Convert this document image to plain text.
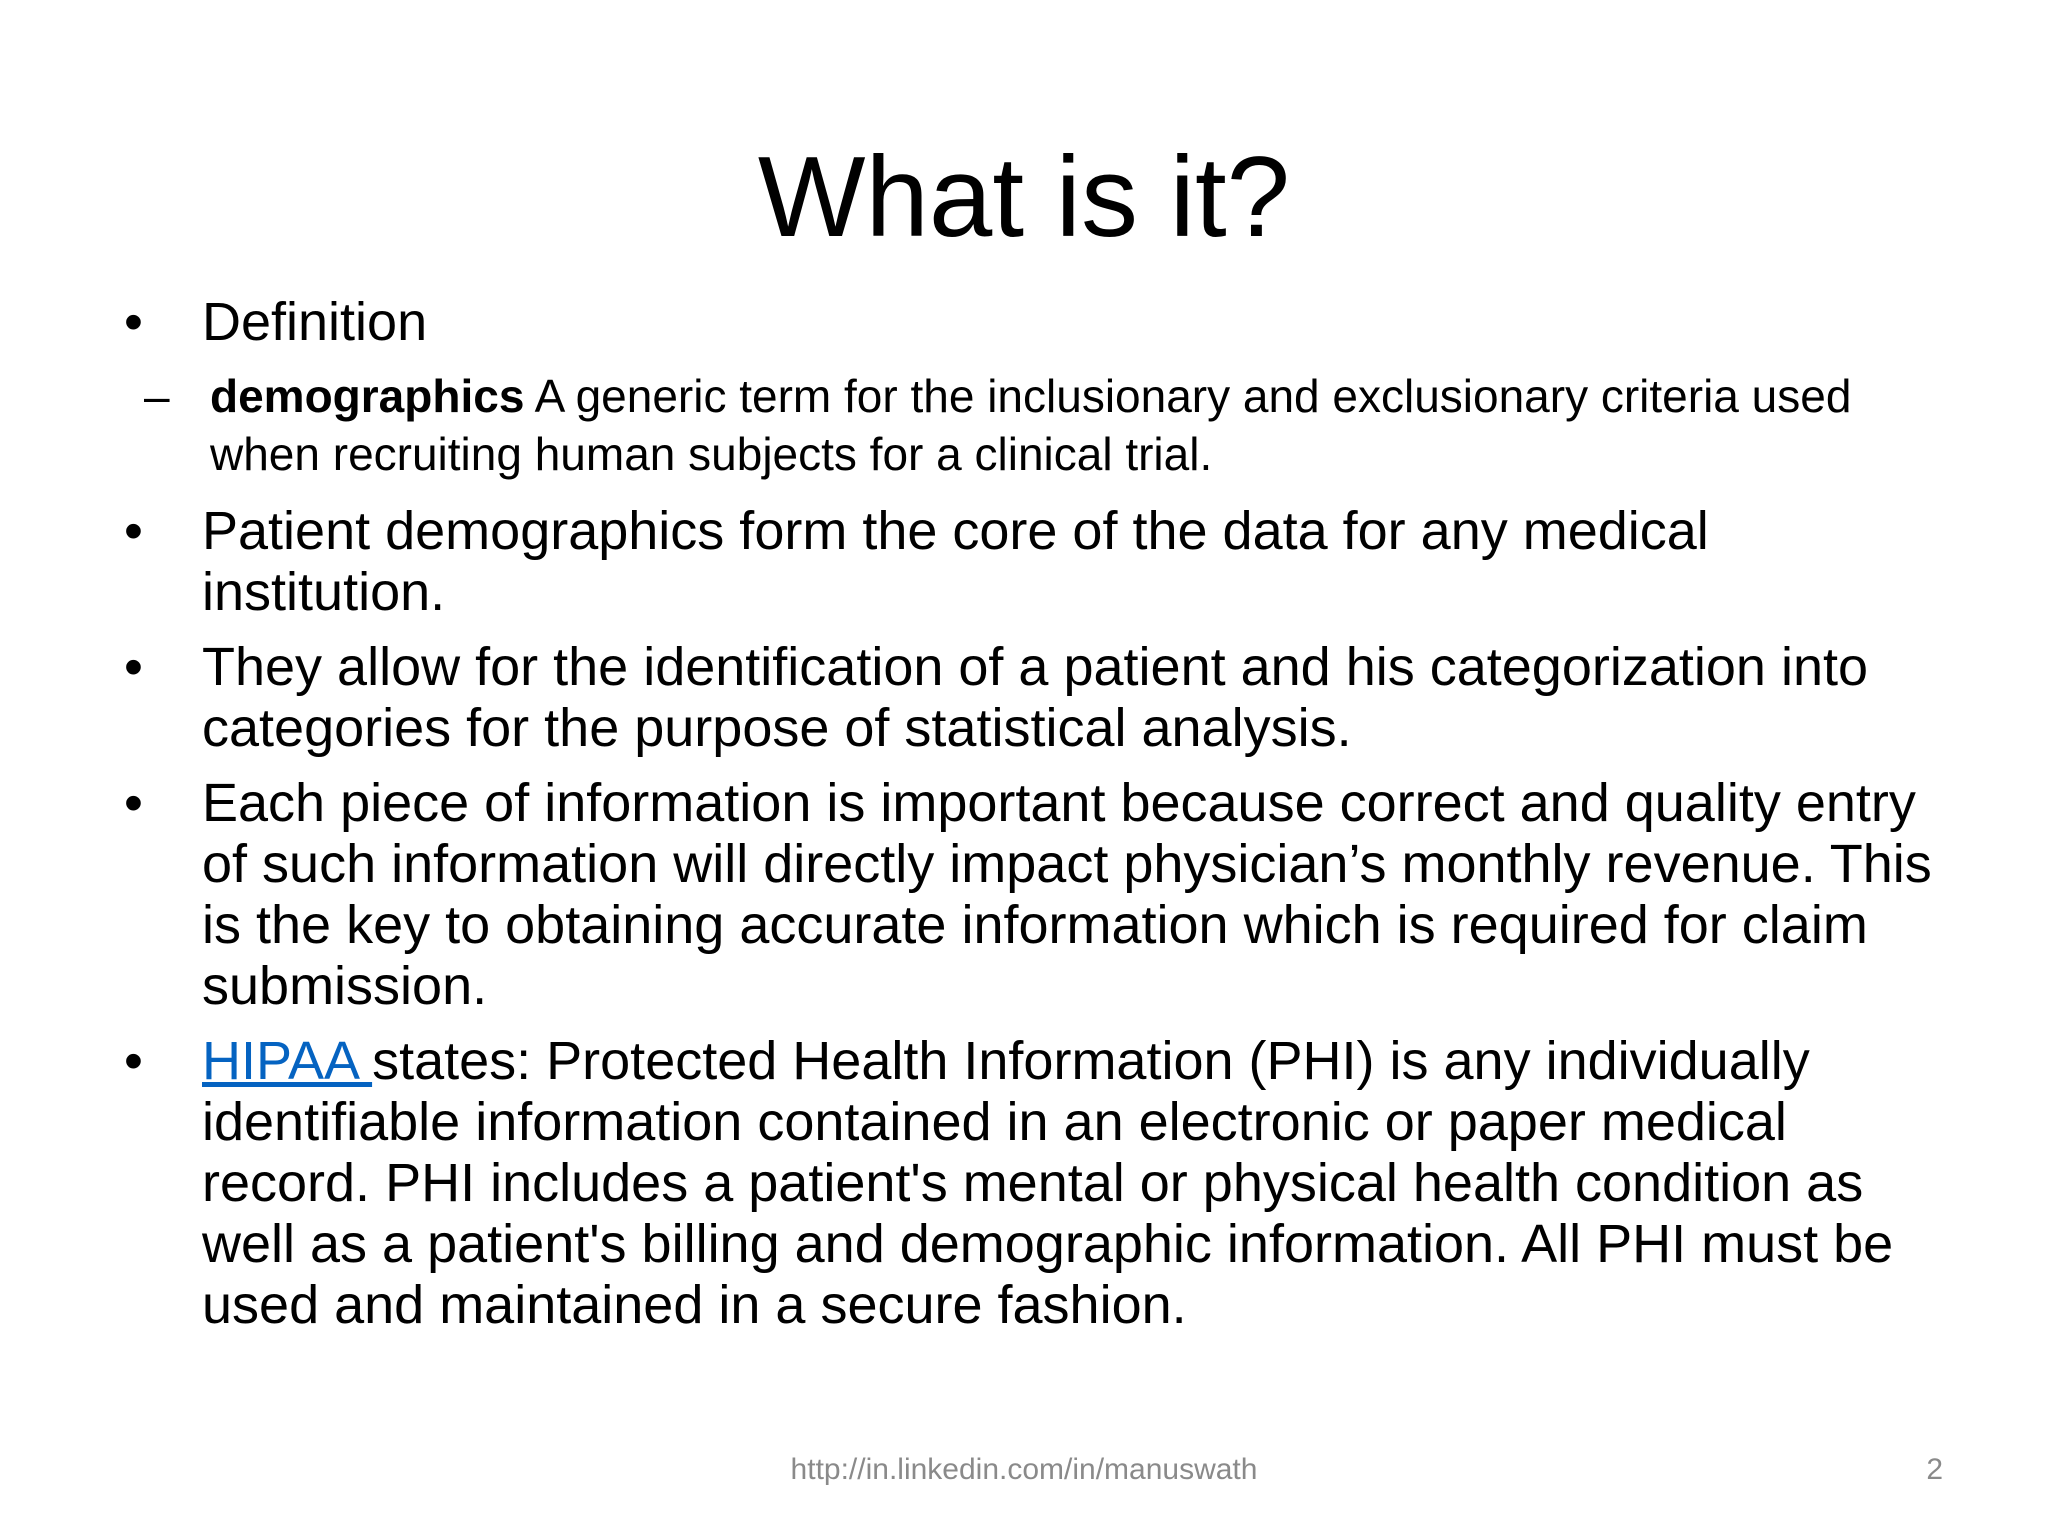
What is it?
• Definition
– demographics A generic term for the inclusionary and exclusionary criteria used when recruiting human subjects for a clinical trial.
• Patient demographics form the core of the data for any medical institution.
• They allow for the identification of a patient and his categorization into categories for the purpose of statistical analysis.
• Each piece of information is important because correct and quality entry of such information will directly impact physician’s monthly revenue. This is the key to obtaining accurate information which is required for claim submission.
• HIPAA states: Protected Health Information (PHI) is any individually identifiable information contained in an electronic or paper medical record. PHI includes a patient's mental or physical health condition as well as a patient's billing and demographic information. All PHI must be used and maintained in a secure fashion.
http://in.linkedin.com/in/manuswath	2
